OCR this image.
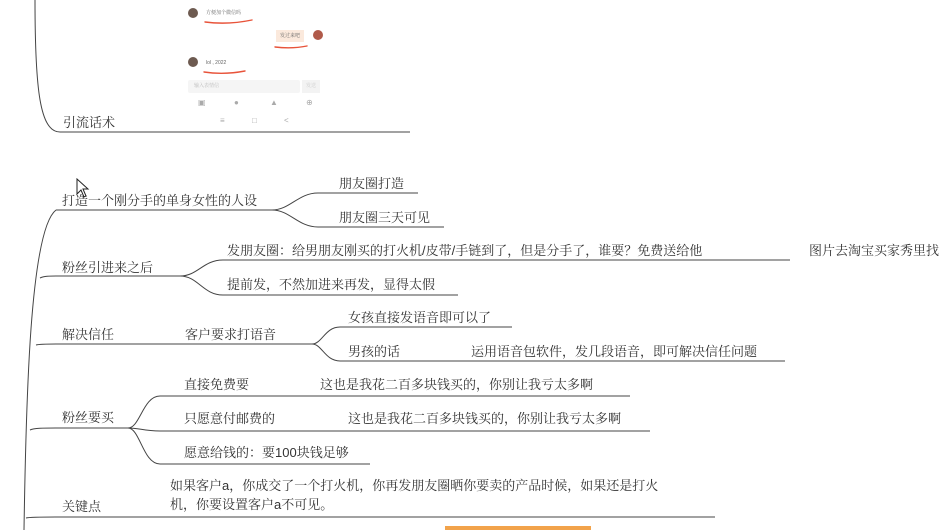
方便加个微信吗
发过来吧
lol , 2022
输入表情信	发送
▣	●	▲	⊕
≡	□	<
引流话术
打造一个刚分手的单身女性的人设
朋友圈打造
朋友圈三天可见
粉丝引进来之后
发朋友圈：给男朋友刚买的打火机/皮带/手链到了，但是分手了，谁要？免费送给他	图片去淘宝买家秀里找
提前发，不然加进来再发，显得太假
解决信任	客户要求打语音
女孩直接发语音即可以了
男孩的话	运用语音包软件，发几段语音，即可解决信任问题
粉丝要买
直接免费要	这也是我花二百多块钱买的，你别让我亏太多啊
只愿意付邮费的	这也是我花二百多块钱买的，你别让我亏太多啊
愿意给钱的：要100块钱足够
关键点
如果客户a，你成交了一个打火机，你再发朋友圈晒你要卖的产品时候，如果还是打火
机，你要设置客户a不可见。
